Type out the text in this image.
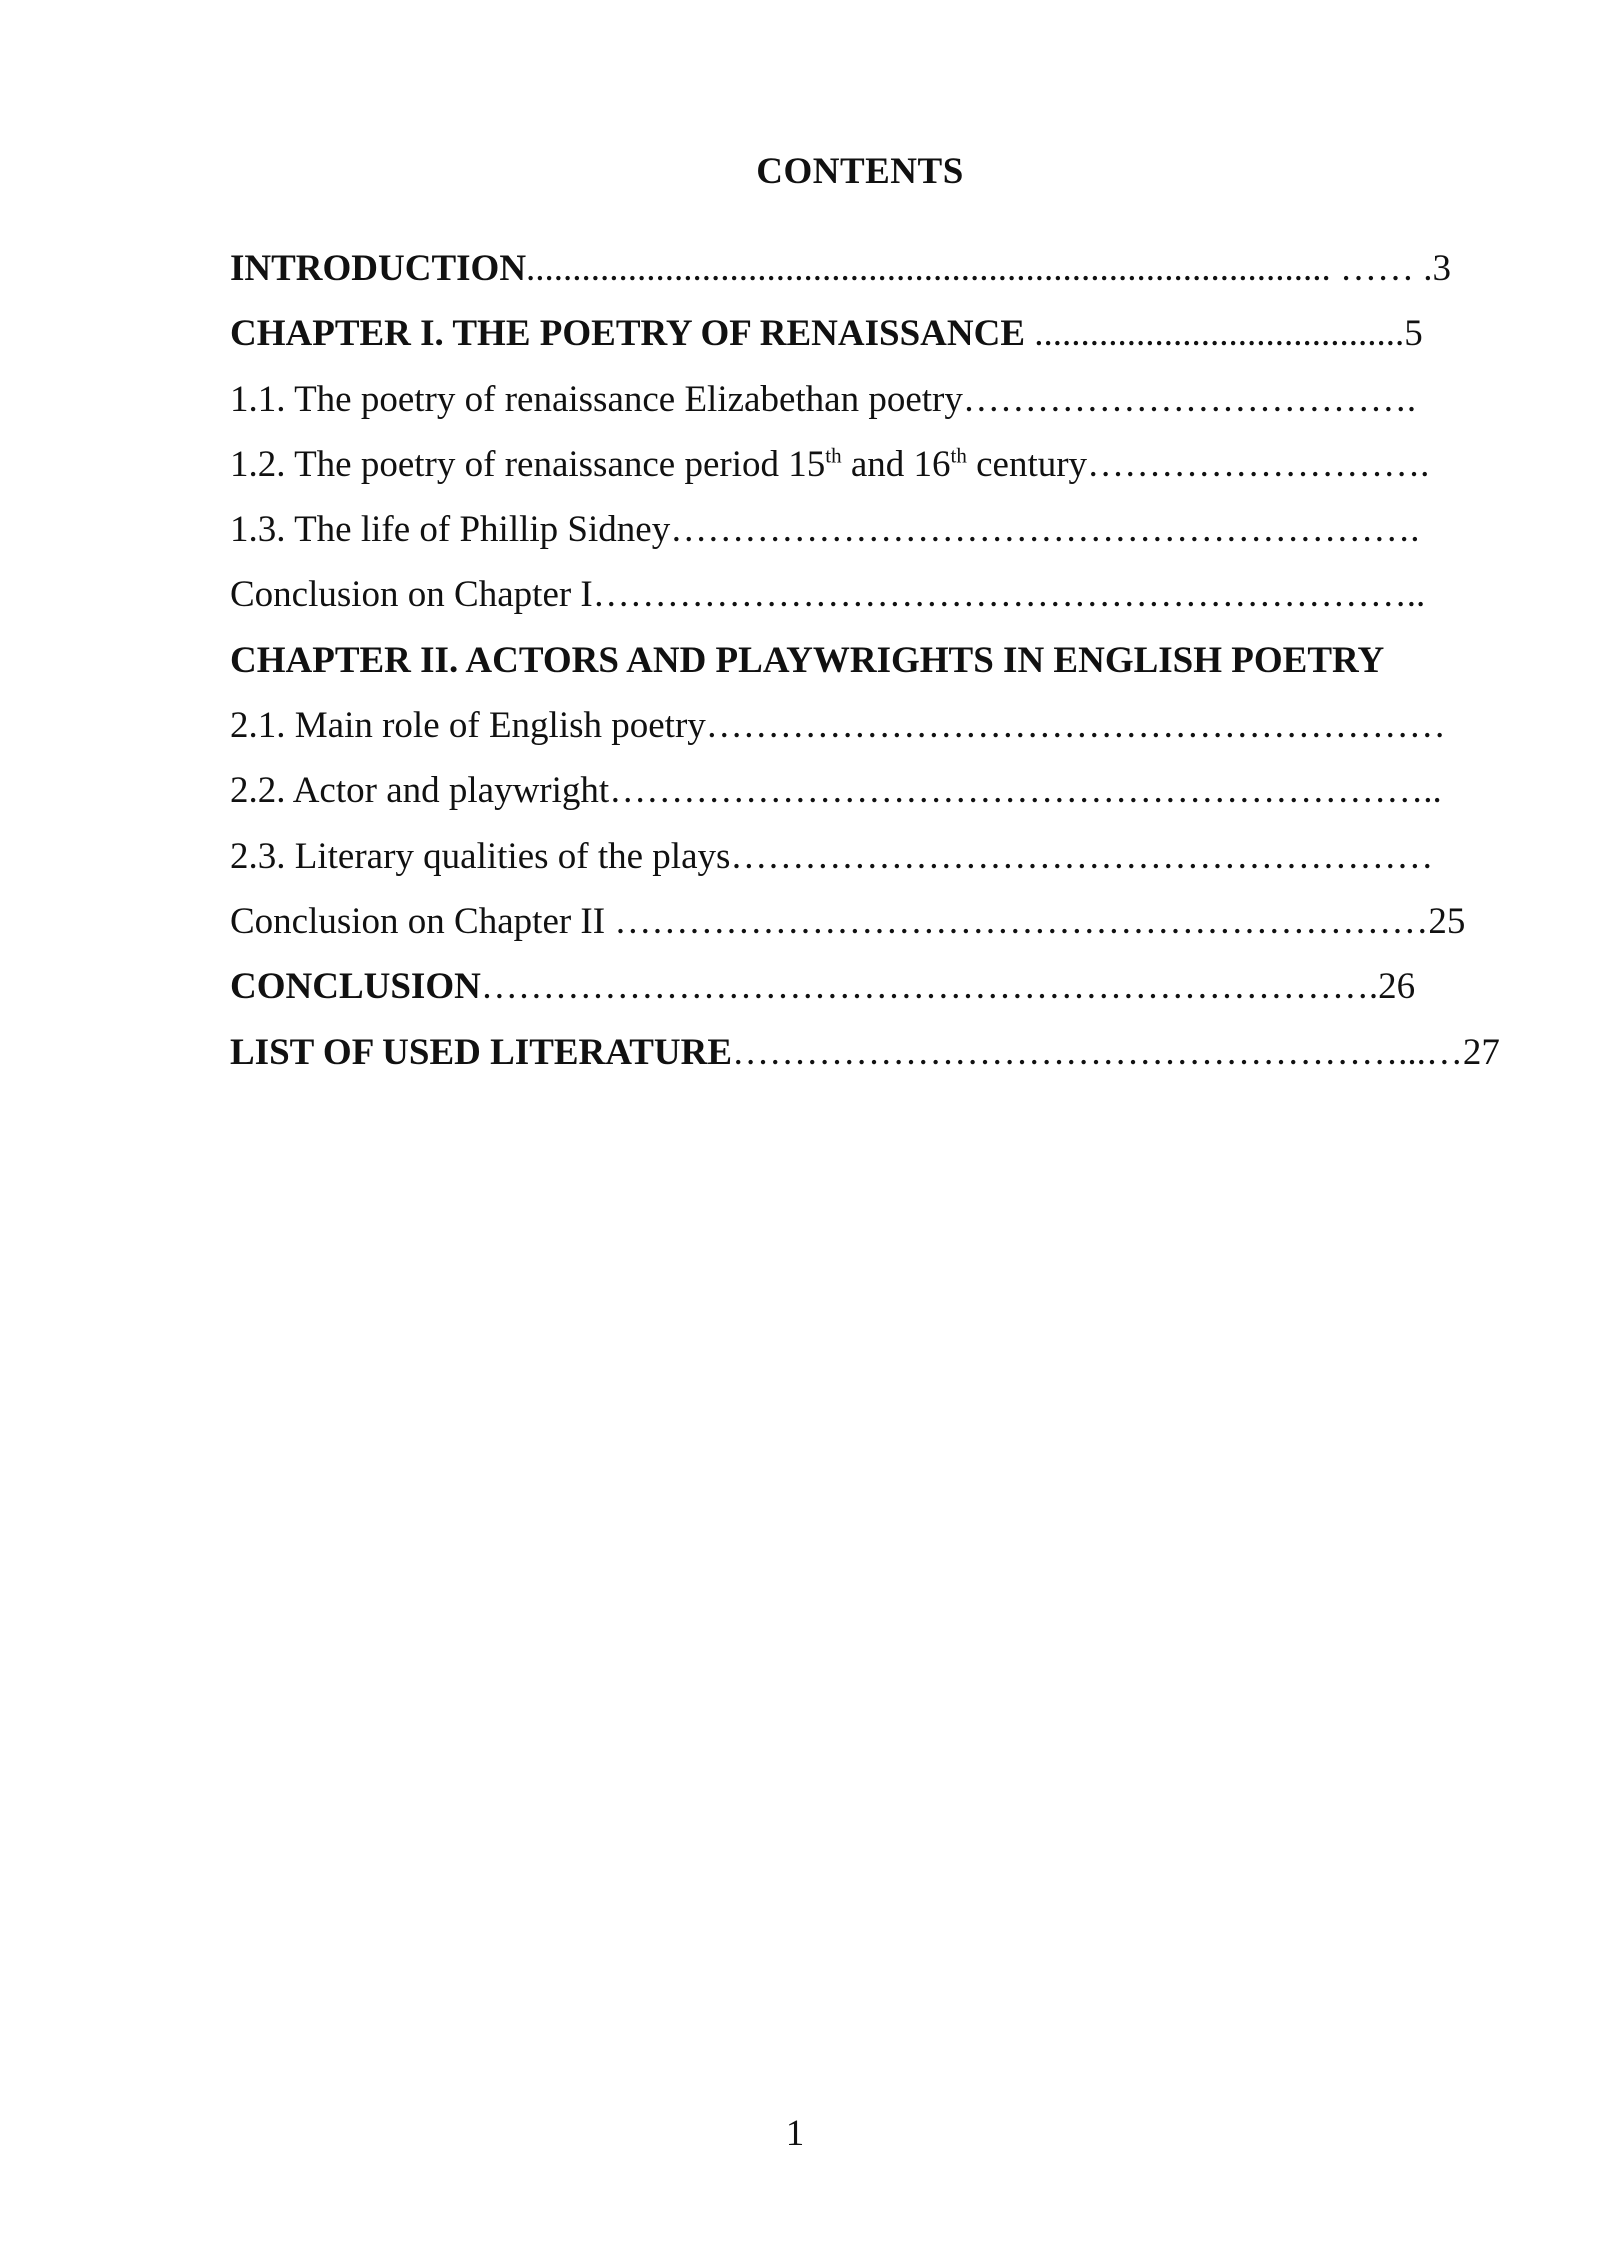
CONTENTS
INTRODUCTION....................................................................................... …… .3
CHAPTER I. THE POETRY OF RENAISSANCE ........................................5
1.1. The poetry of renaissance Elizabethan poetry……………………………….
1.2. The poetry of renaissance period 15th and 16th century……………………….
1.3. The life of Phillip Sidney…………………………………………………….
Conclusion on Chapter I…………………………………………………………..
CHAPTER II. ACTORS AND PLAYWRIGHTS IN ENGLISH POETRY
2.1. Main role of English poetry……………………………………………………
2.2. Actor and playwright…………………………………………………………..
2.3. Literary qualities of the plays…………………………………………………
Conclusion on Chapter II …………………………………………………………25
CONCLUSION……………………………………………………………….26
LIST OF USED LITERATURE………………………………………………...…27
1
